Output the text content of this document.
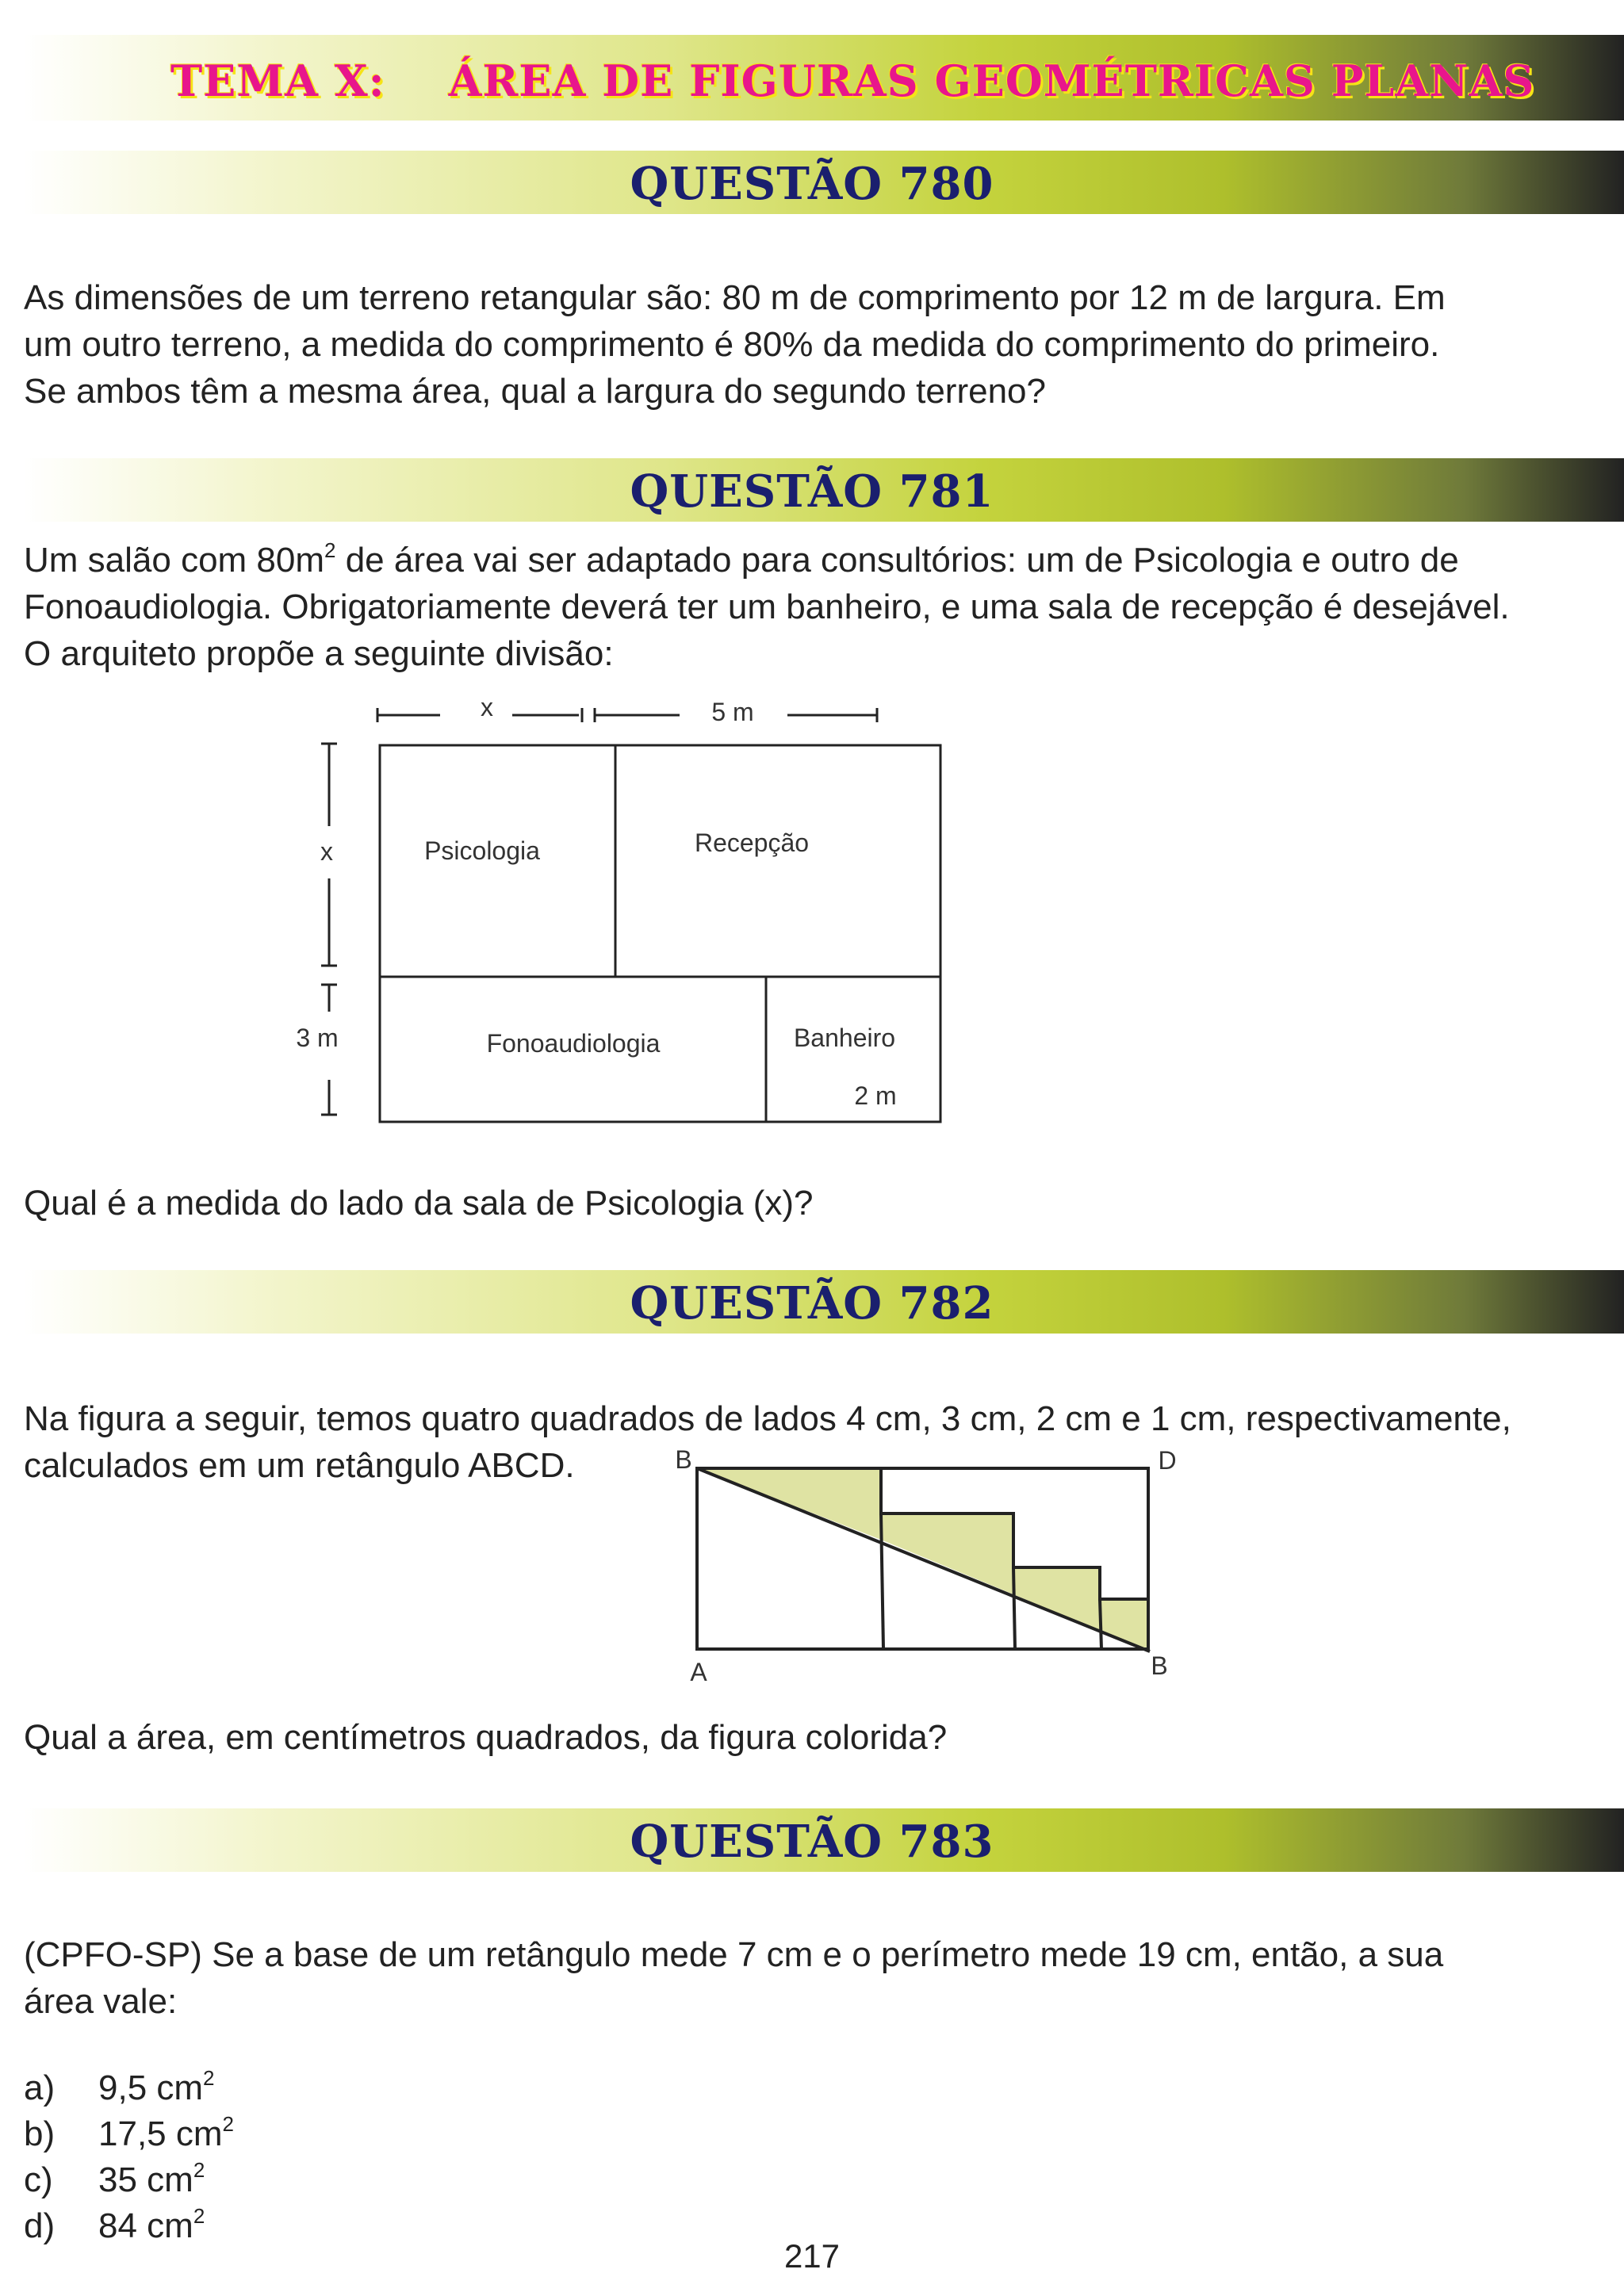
TEMA X: ÁREA DE FIGURAS GEOMÉTRICAS PLANAS
QUESTÃO 780
As dimensões de um terreno retangular são: 80 m de comprimento por 12 m de largura. Em
um outro terreno, a medida do comprimento é 80% da medida do comprimento do primeiro.
Se ambos têm a mesma área, qual a largura do segundo terreno?
QUESTÃO 781
Um salão com $80m^2$ de área vai ser adaptado para consultórios: um de Psicologia e outro de
Fonoaudiologia. Obrigatoriamente deverá ter um banheiro, e uma sala de recepção é desejável.
O arquiteto propõe a seguinte divisão:
x	5 m
x
3 m
Psicologia	Recepção
Fonoaudiologia	Banheiro
2 m
Qual é a medida do lado da sala de Psicologia (x)?
QUESTÃO 782
Na figura a seguir, temos quatro quadrados de lados 4 cm, 3 cm, 2 cm e 1 cm, respectivamente,
calculados em um retângulo ABCD.	B	D
A	B
Qual a área, em centímetros quadrados, da figura colorida?
QUESTÃO 783
(CPFO-SP) Se a base de um retângulo mede 7 cm e o perímetro mede 19 cm, então, a sua
área vale:
a) 9,5 $cm^2$
b) 17,5 $cm^2$
c) 35 $cm^2$
d) 84 $cm^2$
217
